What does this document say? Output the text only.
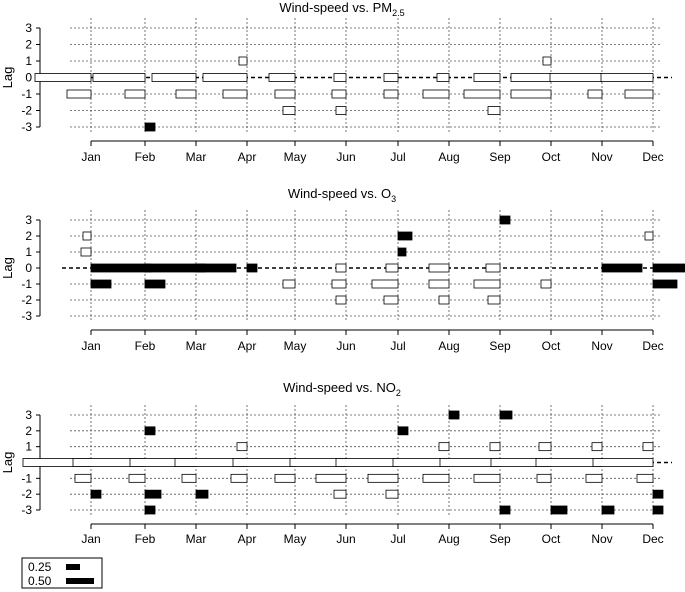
Wind-speed vs. $PM_{2.5}$
3
2
1
0
-1
-2
-3
Lag
Jan	Feb	Mar	Apr May Jun	Jul	Aug Sep	Oct	Nov Dec
Wind-speed vs. $O_3$
3
2
1
0
-1
-2
-3
Lag
Jan	Feb	Mar	Apr May Jun	Jul	Aug Sep	Oct	Nov Dec
Wind-speed vs. $NO_2$
3
2
1
-1
-2
-3
Lag
Jan	Feb	Mar	Apr May Jun	Jul	Aug Sep	Oct	Nov Dec
0.25
0.50
